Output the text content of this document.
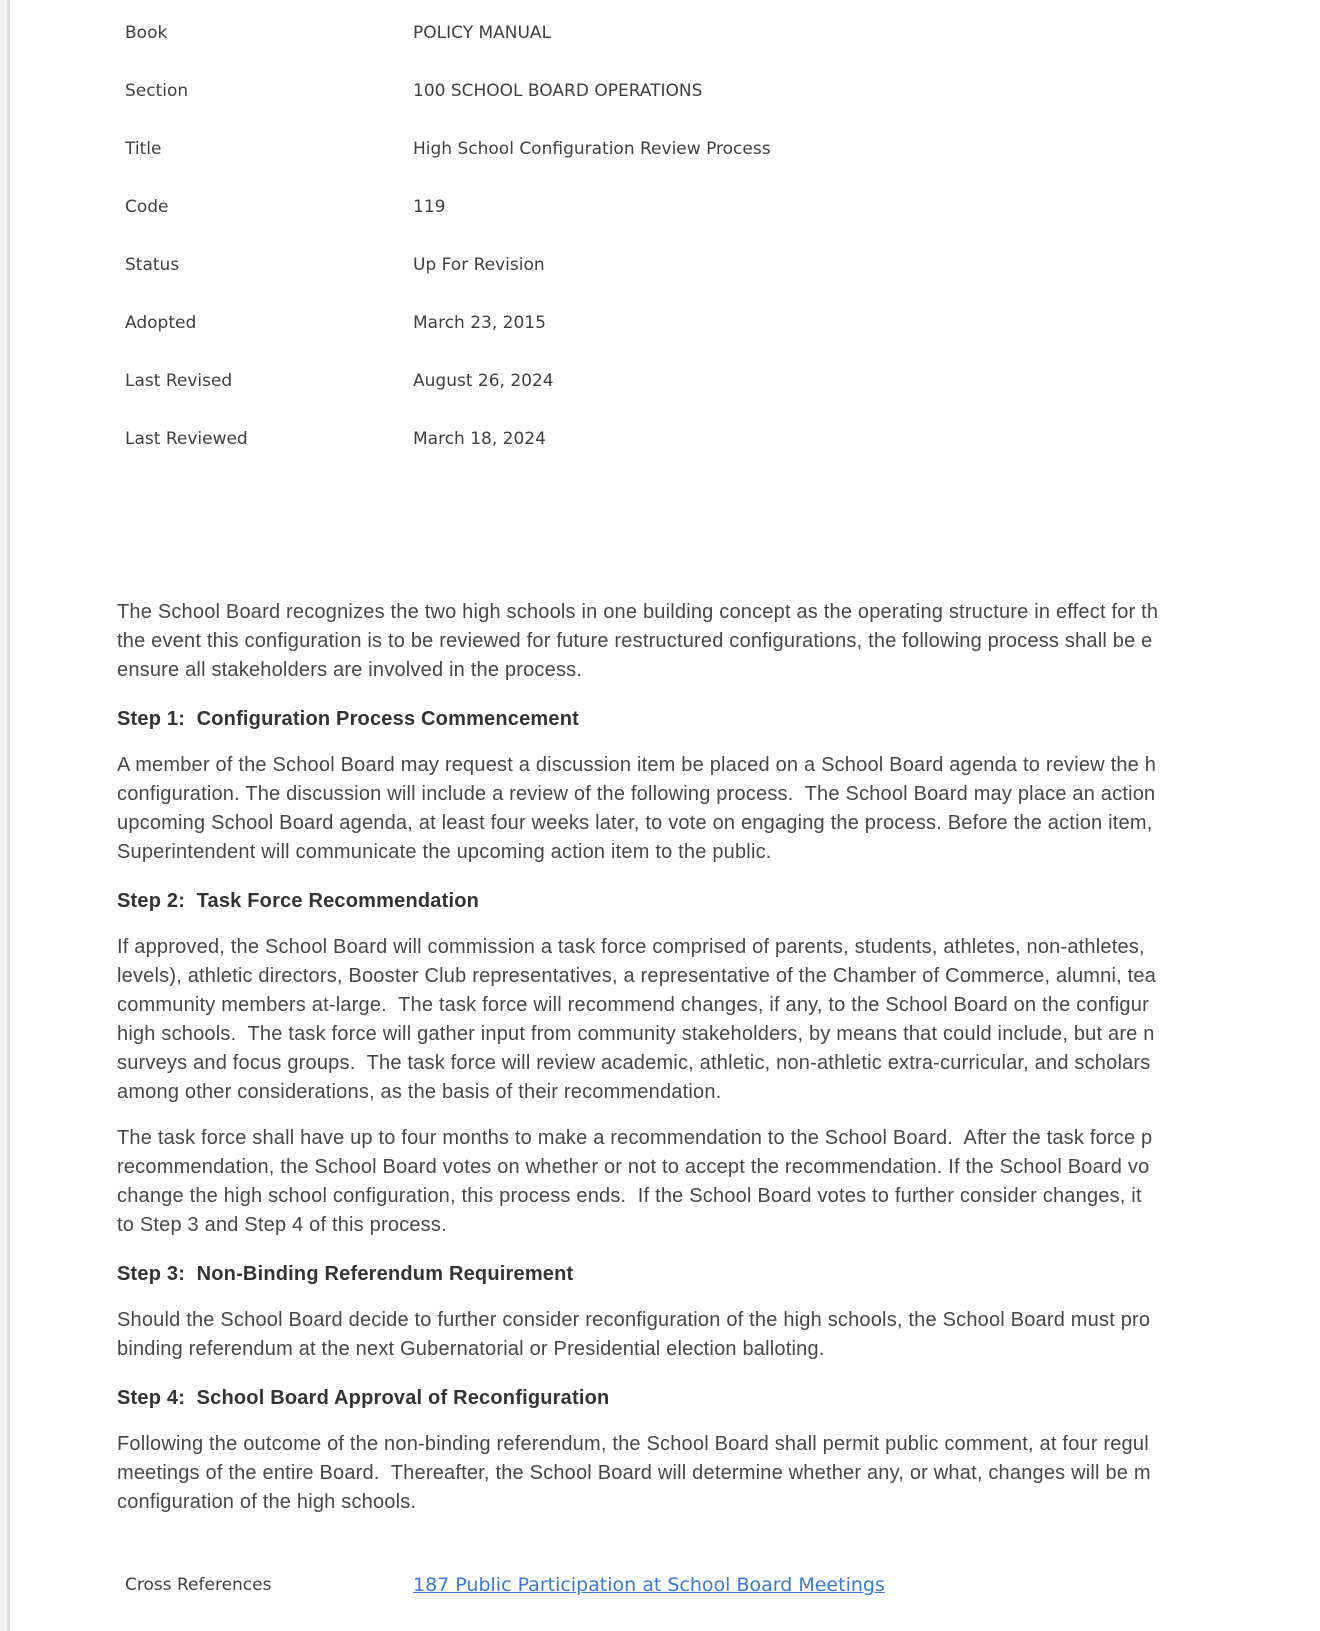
Book	POLICY MANUAL
Section	100 SCHOOL BOARD OPERATIONS
Title	High School Configuration Review Process
Code	119
Status	Up For Revision
Adopted	March 23, 2015
Last Revised	August 26, 2024
Last Reviewed	March 18, 2024
The School Board recognizes the two high schools in one building concept as the operating structure in effect for th
the event this configuration is to be reviewed for future restructured configurations, the following process shall be e
ensure all stakeholders are involved in the process.
Step 1:  Configuration Process Commencement
A member of the School Board may request a discussion item be placed on a School Board agenda to review the h
configuration. The discussion will include a review of the following process.  The School Board may place an action
upcoming School Board agenda, at least four weeks later, to vote on engaging the process. Before the action item,
Superintendent will communicate the upcoming action item to the public.
Step 2:  Task Force Recommendation
If approved, the School Board will commission a task force comprised of parents, students, athletes, non-athletes,
levels), athletic directors, Booster Club representatives, a representative of the Chamber of Commerce, alumni, tea
community members at-large.  The task force will recommend changes, if any, to the School Board on the configur
high schools.  The task force will gather input from community stakeholders, by means that could include, but are n
surveys and focus groups.  The task force will review academic, athletic, non-athletic extra-curricular, and scholars
among other considerations, as the basis of their recommendation.
The task force shall have up to four months to make a recommendation to the School Board.  After the task force p
recommendation, the School Board votes on whether or not to accept the recommendation. If the School Board vo
change the high school configuration, this process ends.  If the School Board votes to further consider changes, it
to Step 3 and Step 4 of this process.
Step 3:  Non-Binding Referendum Requirement
Should the School Board decide to further consider reconfiguration of the high schools, the School Board must pro
binding referendum at the next Gubernatorial or Presidential election balloting.
Step 4:  School Board Approval of Reconfiguration
Following the outcome of the non-binding referendum, the School Board shall permit public comment, at four regul
meetings of the entire Board.  Thereafter, the School Board will determine whether any, or what, changes will be m
configuration of the high schools.
Cross References	187 Public Participation at School Board Meetings
